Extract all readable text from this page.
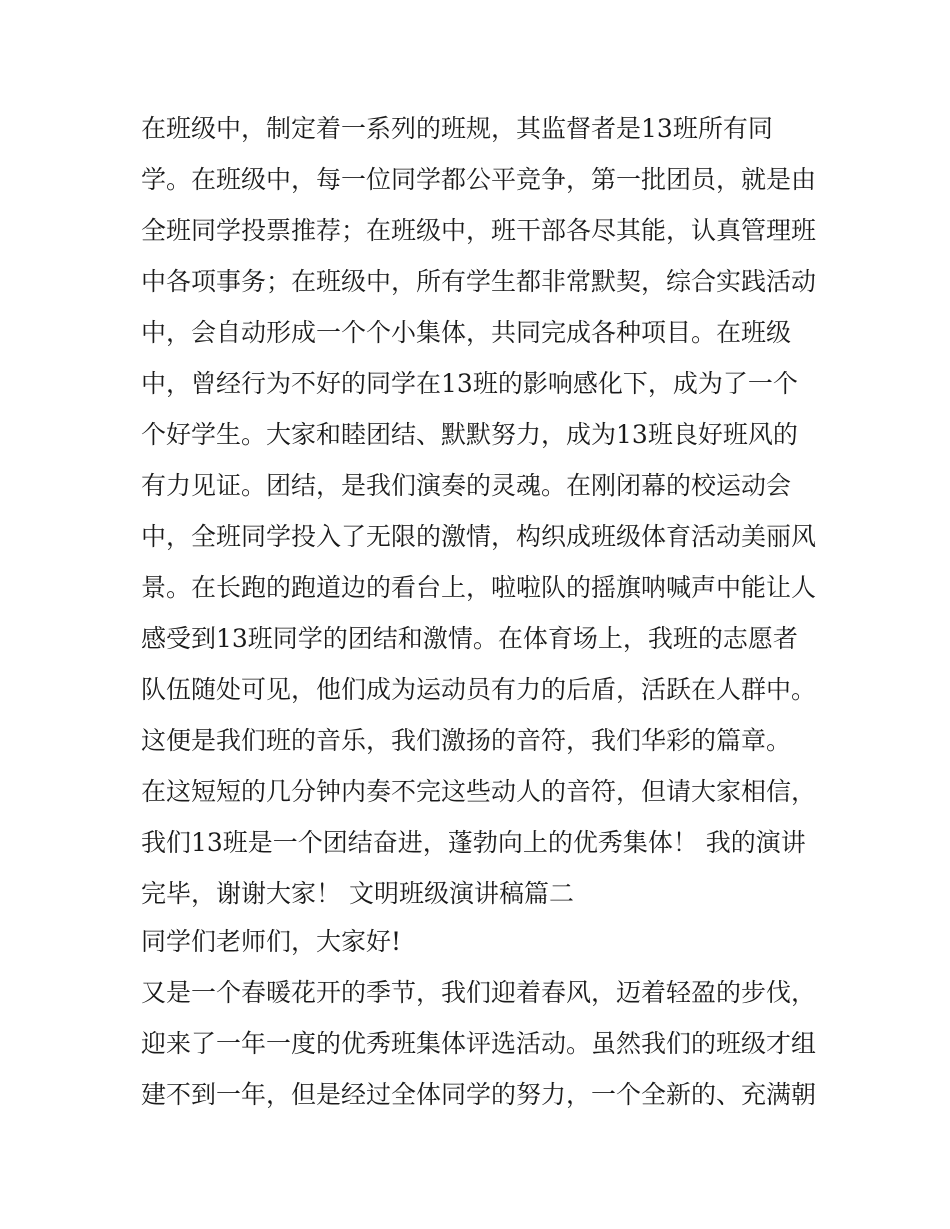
在班级中，制定着一系列的班规，其监督者是13班所有同
学。在班级中，每一位同学都公平竞争，第一批团员，就是由
全班同学投票推荐；在班级中，班干部各尽其能，认真管理班
中各项事务；在班级中，所有学生都非常默契，综合实践活动
中，会自动形成一个个小集体，共同完成各种项目。在班级
中，曾经行为不好的同学在13班的影响感化下，成为了一个
个好学生。大家和睦团结、默默努力，成为13班良好班风的
有力见证。团结，是我们演奏的灵魂。在刚闭幕的校运动会
中，全班同学投入了无限的激情，构织成班级体育活动美丽风
景。在长跑的跑道边的看台上，啦啦队的摇旗呐喊声中能让人
感受到13班同学的团结和激情。在体育场上，我班的志愿者
队伍随处可见，他们成为运动员有力的后盾，活跃在人群中。
这便是我们班的音乐，我们激扬的音符，我们华彩的篇章。
在这短短的几分钟内奏不完这些动人的音符，但请大家相信，
我们13班是一个团结奋进，蓬勃向上的优秀集体！ 我的演讲
完毕，谢谢大家！ 文明班级演讲稿篇二
同学们老师们，大家好!
又是一个春暖花开的季节，我们迎着春风，迈着轻盈的步伐，
迎来了一年一度的优秀班集体评选活动。虽然我们的班级才组
建不到一年，但是经过全体同学的努力，一个全新的、充满朝
